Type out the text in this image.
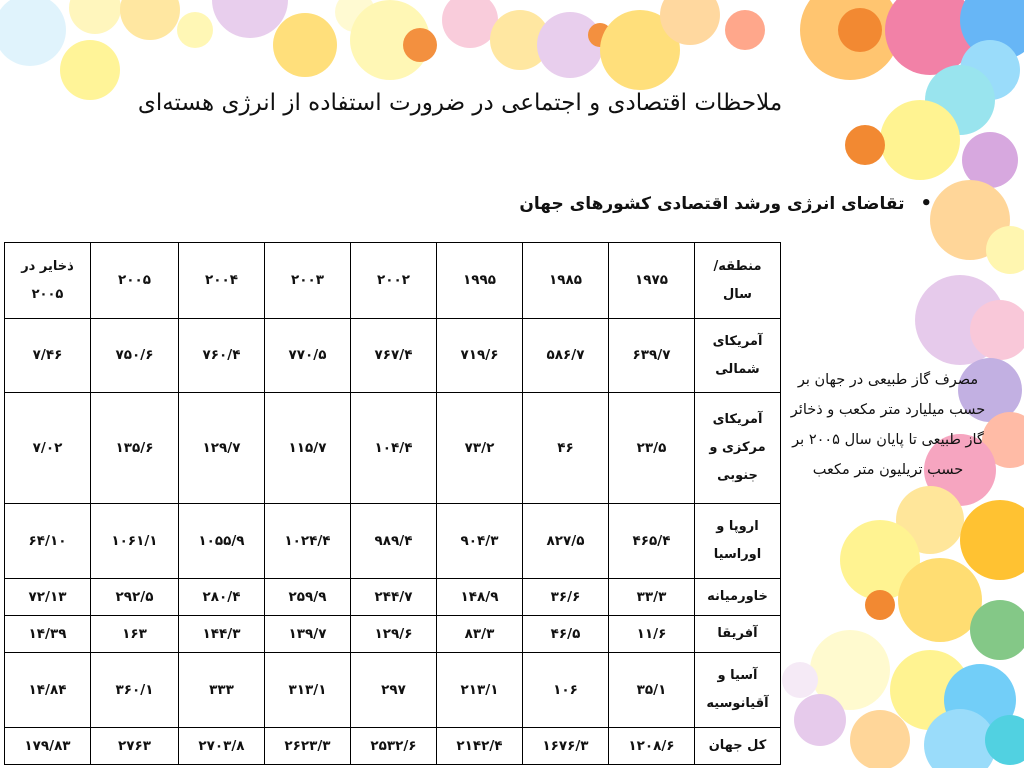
ملاحظات اقتصادی و اجتماعی در ضرورت استفاده از انرژی هسته‌ای
•تقاضای انرژی ورشد اقتصادی کشورهای جهان
منطقه/ سال	۱۹۷۵	۱۹۸۵	۱۹۹۵	۲۰۰۲	۲۰۰۳	۲۰۰۴	۲۰۰۵	ذخایر در ۲۰۰۵
آمریکای شمالی	۶۳۹/۷	۵۸۶/۷	۷۱۹/۶	۷۶۷/۴	۷۷۰/۵	۷۶۰/۴	۷۵۰/۶	۷/۴۶
آمریکای مرکزی و جنوبی	۲۳/۵	۴۶	۷۳/۲	۱۰۴/۴	۱۱۵/۷	۱۲۹/۷	۱۳۵/۶	۷/۰۲
اروپا و اوراسیا	۴۶۵/۴	۸۲۷/۵	۹۰۴/۳	۹۸۹/۴	۱۰۲۴/۴	۱۰۵۵/۹	۱۰۶۱/۱	۶۴/۱۰
خاورمیانه	۳۳/۳	۳۶/۶	۱۴۸/۹	۲۴۴/۷	۲۵۹/۹	۲۸۰/۴	۲۹۲/۵	۷۲/۱۳
آفریقا	۱۱/۶	۴۶/۵	۸۳/۳	۱۲۹/۶	۱۳۹/۷	۱۴۴/۳	۱۶۳	۱۴/۳۹
آسیا و آقیانوسیه	۳۵/۱	۱۰۶	۲۱۳/۱	۲۹۷	۳۱۳/۱	۳۳۳	۳۶۰/۱	۱۴/۸۴
کل جهان	۱۲۰۸/۶	۱۶۷۶/۳	۲۱۴۲/۴	۲۵۳۲/۶	۲۶۲۳/۳	۲۷۰۳/۸	۲۷۶۳	۱۷۹/۸۳
مصرف گاز طبیعی در جهان بر حسب میلیارد متر مکعب و ذخائر گاز طبیعی تا پایان سال ۲۰۰۵ بر حسب تریلیون متر مکعب
